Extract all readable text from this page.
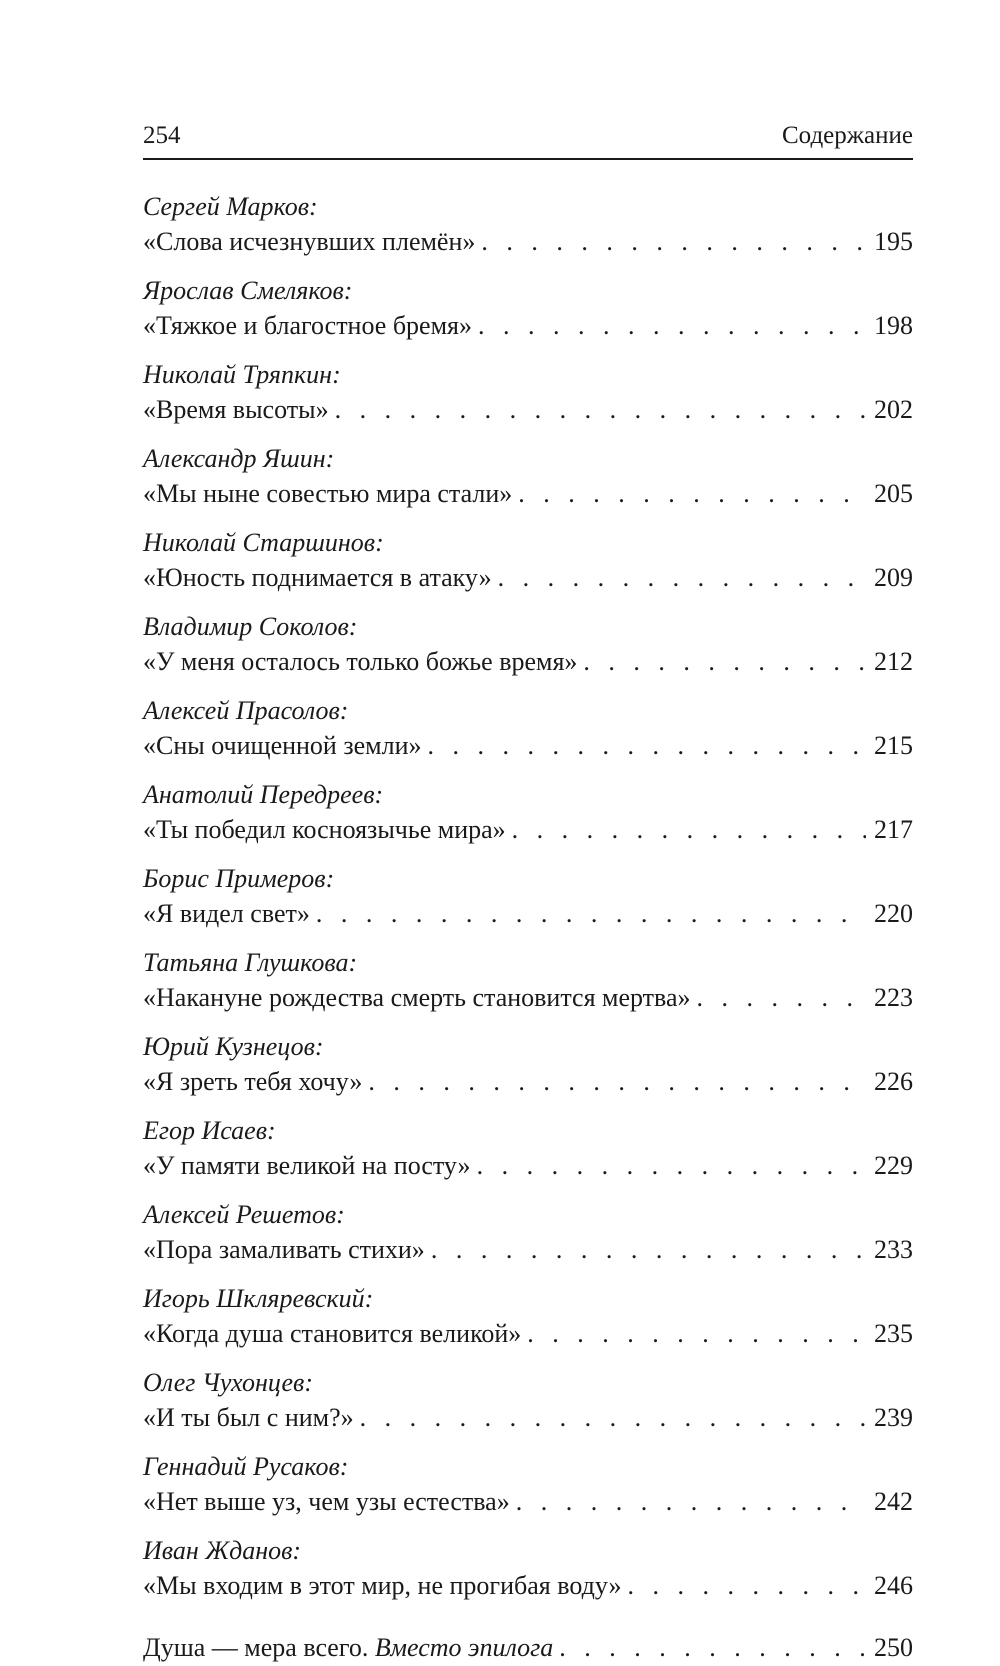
254	Содержание
Сергей Марков:
«Слова исчезнувших племён» . . .	195
Ярослав Смеляков:
«Тяжкое и благостное бремя» . . .	198
Николай Тряпкин:
«Время высоты» . . .	202
Александр Яшин:
«Мы ныне совестью мира стали» . . .	205
Николай Старшинов:
«Юность поднимается в атаку» . . .	209
Владимир Соколов:
«У меня осталось только божье время» . . .	212
Алексей Прасолов:
«Сны очищенной земли» . . .	215
Анатолий Передреев:
«Ты победил косноязычье мира» . . .	217
Борис Примеров:
«Я видел свет» . . .	220
Татьяна Глушкова:
«Накануне рождества смерть становится мертва» . . .	223
Юрий Кузнецов:
«Я зреть тебя хочу» . . .	226
Егор Исаев:
«У памяти великой на посту» . . .	229
Алексей Решетов:
«Пора замаливать стихи» . . .	233
Игорь Шкляревский:
«Когда душа становится великой» . . .	235
Олег Чухонцев:
«И ты был с ним?» . . .	239
Геннадий Русаков:
«Нет выше уз, чем узы естества» . . .	242
Иван Жданов:
«Мы входим в этот мир, не прогибая воду» . . .	246
Душа — мера всего. Вместо эпилога . . .	250
